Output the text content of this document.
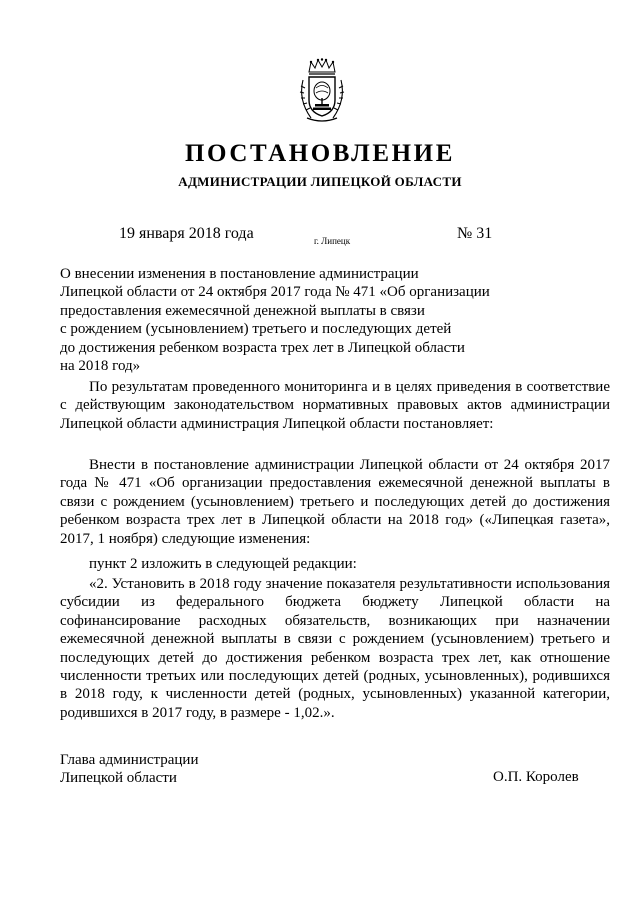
ПОСТАНОВЛЕНИЕ
АДМИНИСТРАЦИИ ЛИПЕЦКОЙ ОБЛАСТИ
19 января 2018 года	г. Липецк	№ 31
О внесении изменения в постановление администрации
Липецкой области от 24 октября 2017 года № 471 «Об организации
предоставления ежемесячной денежной выплаты в связи
с рождением (усыновлением) третьего и последующих детей
до достижения ребенком возраста трех лет в Липецкой области
на 2018 год»

По результатам проведенного мониторинга и в целях приведения в соответствие с действующим законодательством нормативных правовых актов администрации Липецкой области администрация Липецкой области постановляет:

Внести в постановление администрации Липецкой области от 24 октября 2017 года № 471 «Об организации предоставления ежемесячной денежной выплаты в связи с рождением (усыновлением) третьего и последующих детей до достижения ребенком возраста трех лет в Липецкой области на 2018 год» («Липецкая газета», 2017, 1 ноября) следующие изменения:

пункт 2 изложить в следующей редакции:

«2. Установить в 2018 году значение показателя результативности использования субсидии из федерального бюджета бюджету Липецкой области на софинансирование расходных обязательств, возникающих при назначении ежемесячной денежной выплаты в связи с рождением (усыновлением) третьего и последующих детей до достижения ребенком возраста трех лет, как отношение численности третьих или последующих детей (родных, усыновленных), родившихся в 2018 году, к численности детей (родных, усыновленных) указанной категории, родившихся в 2017 году, в размере - 1,02.».

Глава администрации
Липецкой области	О.П. Королев
